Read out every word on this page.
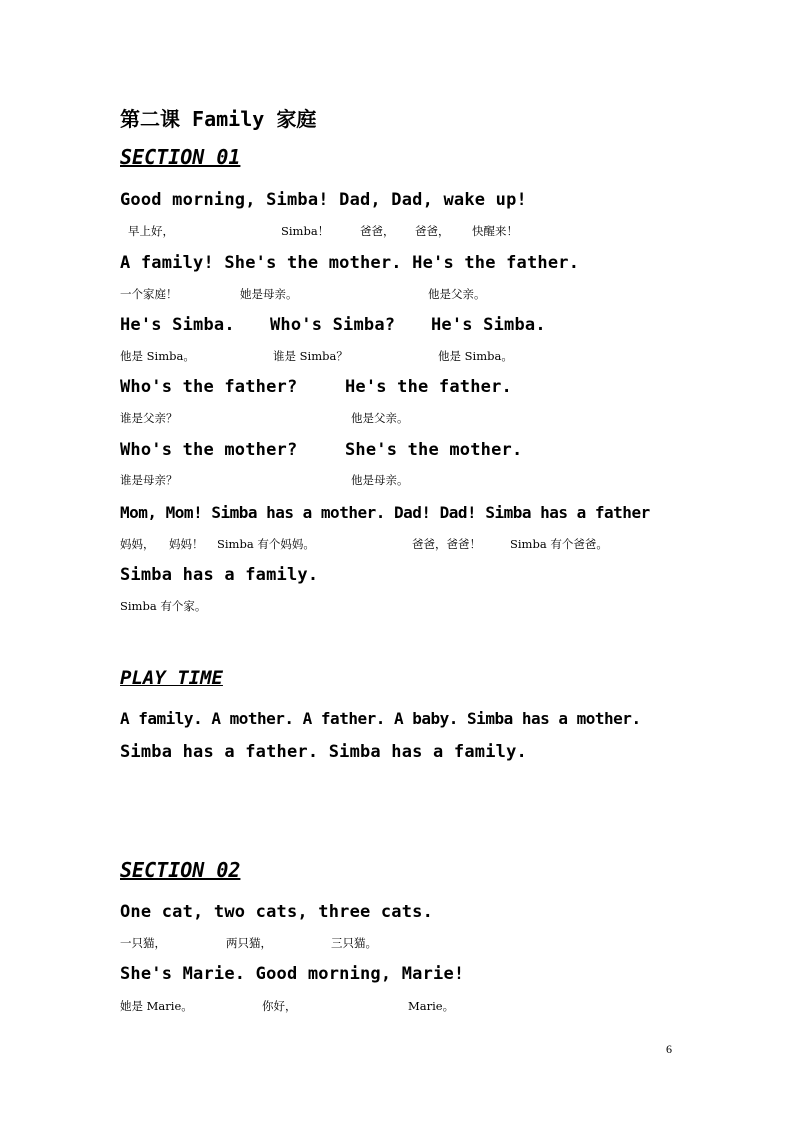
第二课 Family 家庭
SECTION 01
Good morning, Simba! Dad, Dad, wake up!
早上好，	Simba！	爸爸， 爸爸， 快醒来！
A family! She's the mother. He's the father.
一个家庭！	她是母亲。	他是父亲。
He's Simba. Who's Simba? He's Simba.
他是 Simba。	谁是 Simba？	他是 Simba。
Who's the father?	He's the father.
谁是父亲？	他是父亲。
Who's the mother?	She's the mother.
谁是母亲？	他是母亲。
Mom, Mom! Simba has a mother. Dad! Dad! Simba has a father
妈妈， 妈妈！ Simba 有个妈妈。	爸爸，爸爸！	Simba 有个爸爸。
Simba has a family.
Simba 有个家。
PLAY TIME
A family. A mother. A father. A baby. Simba has a mother.
Simba has a father. Simba has a family.
SECTION 02
One cat, two cats, three cats.
一只猫，	两只猫，	三只猫。
She's Marie. Good morning, Marie!
她是 Marie。	你好，	Marie。
6
